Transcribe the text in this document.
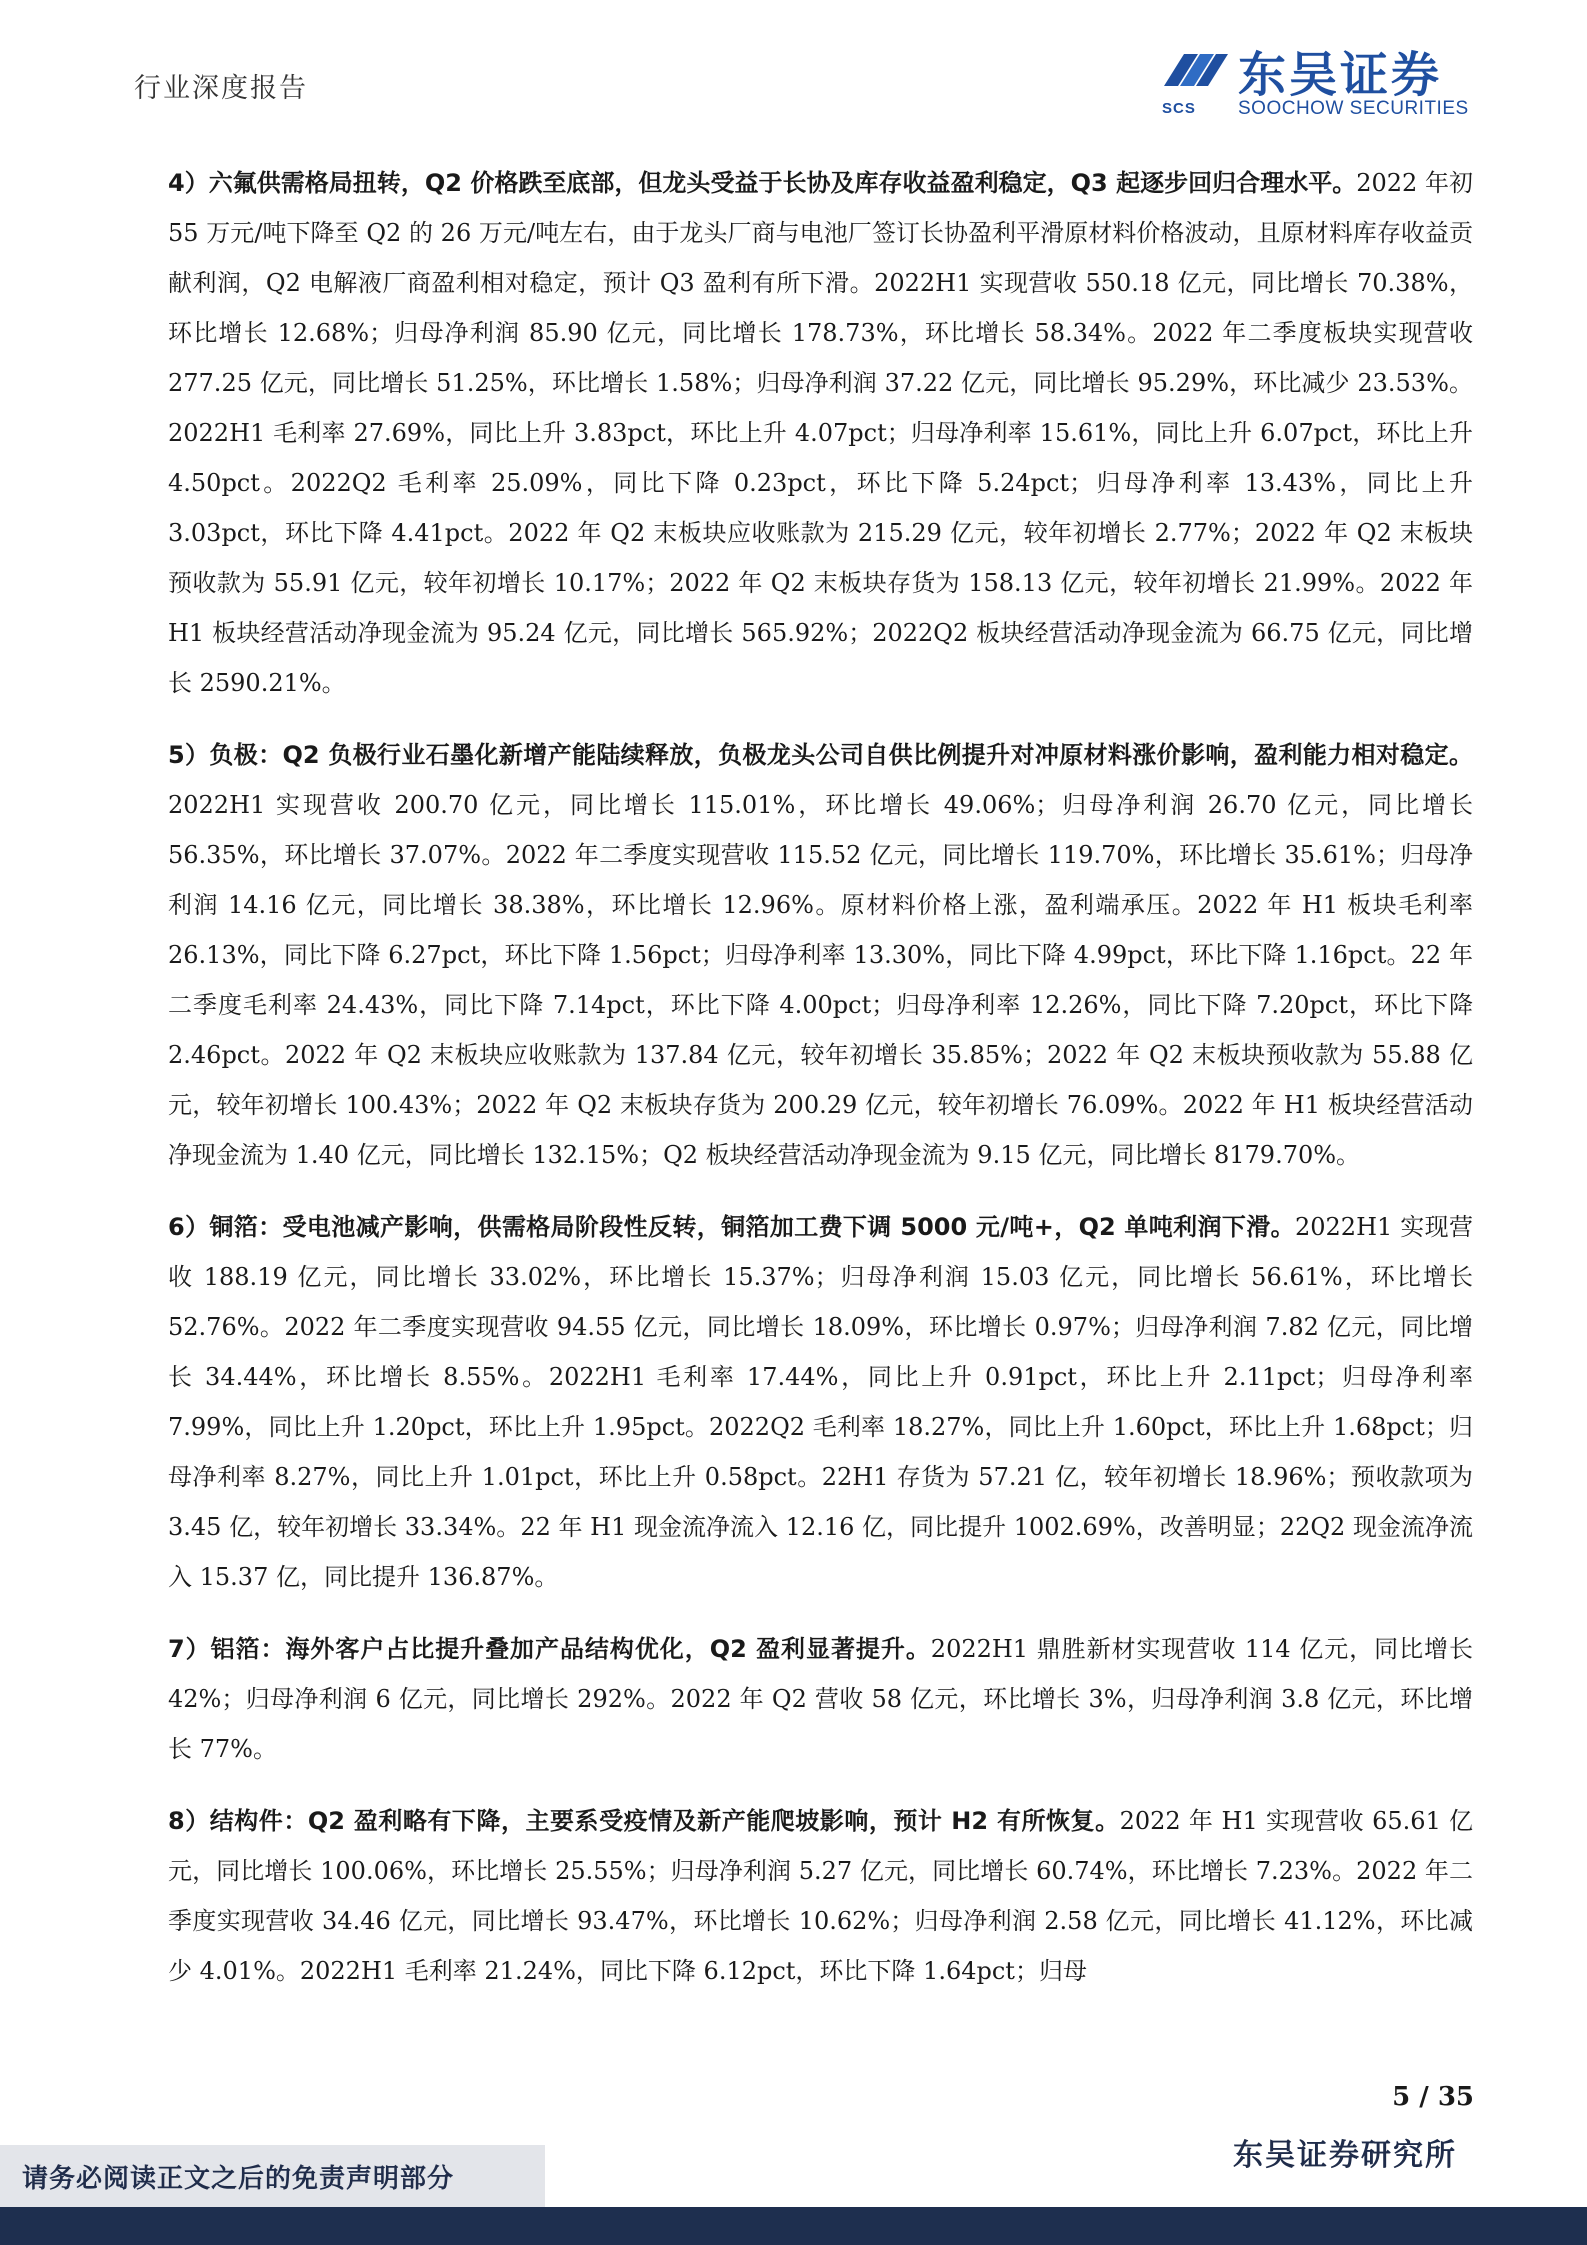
行业深度报告
SCS
东吴证券
SOOCHOW SECURITIES

4）六氟供需格局扭转，Q2 价格跌至底部，但龙头受益于长协及库存收益盈利稳定，Q3 起逐步回归合理水平。2022 年初 55 万元/吨下降至 Q2 的 26 万元/吨左右，由于龙头厂商与电池厂签订长协盈利平滑原材料价格波动，且原材料库存收益贡献利润，Q2 电解液厂商盈利相对稳定，预计 Q3 盈利有所下滑。2022H1 实现营收 550.18 亿元，同比增长 70.38%，环比增长 12.68%；归母净利润 85.90 亿元，同比增长 178.73%，环比增长 58.34%。2022 年二季度板块实现营收 277.25 亿元，同比增长 51.25%，环比增长 1.58%；归母净利润 37.22 亿元，同比增长 95.29%，环比减少 23.53%。2022H1 毛利率 27.69%，同比上升 3.83pct，环比上升 4.07pct；归母净利率 15.61%，同比上升 6.07pct，环比上升 4.50pct。2022Q2 毛利率 25.09%，同比下降 0.23pct，环比下降 5.24pct；归母净利率 13.43%，同比上升 3.03pct，环比下降 4.41pct。2022 年 Q2 末板块应收账款为 215.29 亿元，较年初增长 2.77%；2022 年 Q2 末板块预收款为 55.91 亿元，较年初增长 10.17%；2022 年 Q2 末板块存货为 158.13 亿元，较年初增长 21.99%。2022 年 H1 板块经营活动净现金流为 95.24 亿元，同比增长 565.92%；2022Q2 板块经营活动净现金流为 66.75 亿元，同比增长 2590.21%。

5）负极：Q2 负极行业石墨化新增产能陆续释放，负极龙头公司自供比例提升对冲原材料涨价影响，盈利能力相对稳定。2022H1 实现营收 200.70 亿元，同比增长 115.01%，环比增长 49.06%；归母净利润 26.70 亿元，同比增长 56.35%，环比增长 37.07%。2022 年二季度实现营收 115.52 亿元，同比增长 119.70%，环比增长 35.61%；归母净利润 14.16 亿元，同比增长 38.38%，环比增长 12.96%。原材料价格上涨，盈利端承压。2022 年 H1 板块毛利率 26.13%，同比下降 6.27pct，环比下降 1.56pct；归母净利率 13.30%，同比下降 4.99pct，环比下降 1.16pct。22 年二季度毛利率 24.43%，同比下降 7.14pct，环比下降 4.00pct；归母净利率 12.26%，同比下降 7.20pct，环比下降 2.46pct。2022 年 Q2 末板块应收账款为 137.84 亿元，较年初增长 35.85%；2022 年 Q2 末板块预收款为 55.88 亿元，较年初增长 100.43%；2022 年 Q2 末板块存货为 200.29 亿元，较年初增长 76.09%。2022 年 H1 板块经营活动净现金流为 1.40 亿元，同比增长 132.15%；Q2 板块经营活动净现金流为 9.15 亿元，同比增长 8179.70%。

6）铜箔：受电池减产影响，供需格局阶段性反转，铜箔加工费下调 5000 元/吨+，Q2 单吨利润下滑。2022H1 实现营收 188.19 亿元，同比增长 33.02%，环比增长 15.37%；归母净利润 15.03 亿元，同比增长 56.61%，环比增长 52.76%。2022 年二季度实现营收 94.55 亿元，同比增长 18.09%，环比增长 0.97%；归母净利润 7.82 亿元，同比增长 34.44%，环比增长 8.55%。2022H1 毛利率 17.44%，同比上升 0.91pct，环比上升 2.11pct；归母净利率 7.99%，同比上升 1.20pct，环比上升 1.95pct。2022Q2 毛利率 18.27%，同比上升 1.60pct，环比上升 1.68pct；归母净利率 8.27%，同比上升 1.01pct，环比上升 0.58pct。22H1 存货为 57.21 亿，较年初增长 18.96%；预收款项为 3.45 亿，较年初增长 33.34%。22 年 H1 现金流净流入 12.16 亿，同比提升 1002.69%，改善明显；22Q2 现金流净流入 15.37 亿，同比提升 136.87%。

7）铝箔：海外客户占比提升叠加产品结构优化，Q2 盈利显著提升。2022H1 鼎胜新材实现营收 114 亿元，同比增长 42%；归母净利润 6 亿元，同比增长 292%。2022 年 Q2 营收 58 亿元，环比增长 3%，归母净利润 3.8 亿元，环比增长 77%。

8）结构件：Q2 盈利略有下降，主要系受疫情及新产能爬坡影响，预计 H2 有所恢复。2022 年 H1 实现营收 65.61 亿元，同比增长 100.06%，环比增长 25.55%；归母净利润 5.27 亿元，同比增长 60.74%，环比增长 7.23%。2022 年二季度实现营收 34.46 亿元，同比增长 93.47%，环比增长 10.62%；归母净利润 2.58 亿元，同比增长 41.12%，环比减少 4.01%。2022H1 毛利率 21.24%，同比下降 6.12pct，环比下降 1.64pct；归母

5 / 35
请务必阅读正文之后的免责声明部分
东吴证券研究所
